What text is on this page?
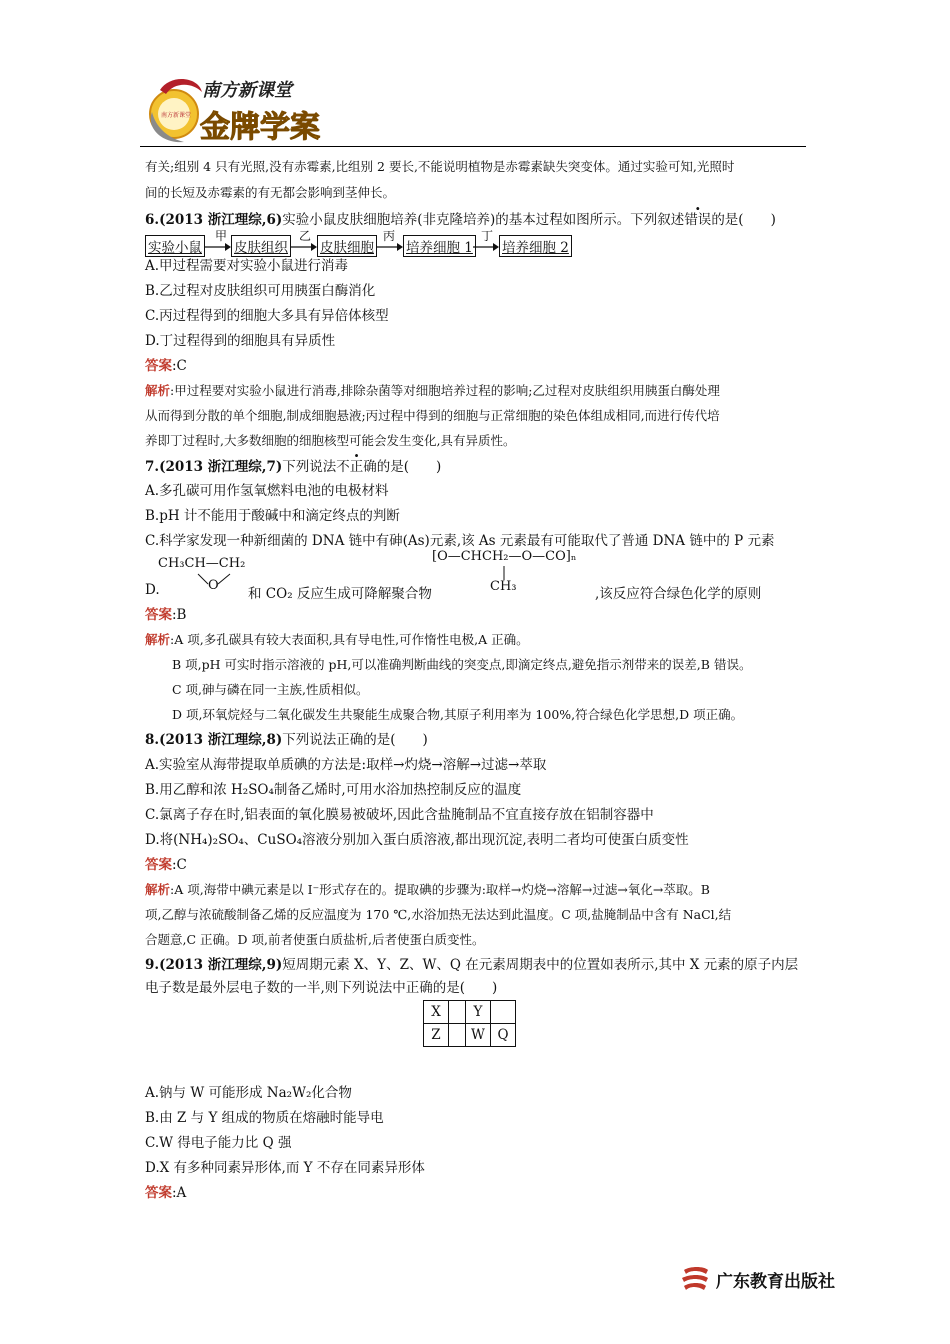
南方新课堂
南方新课堂
金牌学案
有关;组别 4 只有光照,没有赤霉素,比组别 2 要长,不能说明植物是赤霉素缺失突变体。通过实验可知,光照时
间的长短及赤霉素的有无都会影响到茎伸长。
6.(2013 浙江理综,6)实验小鼠皮肤细胞培养(非克隆培养)的基本过程如图所示。下列叙述错误的是(　　)
实验小鼠
甲
皮肤组织
乙
皮肤细胞
丙
培养细胞 1
丁
培养细胞 2
A.甲过程需要对实验小鼠进行消毒
B.乙过程对皮肤组织可用胰蛋白酶消化
C.丙过程得到的细胞大多具有异倍体核型
D.丁过程得到的细胞具有异质性
答案:C
解析:甲过程要对实验小鼠进行消毒,排除杂菌等对细胞培养过程的影响;乙过程对皮肤组织用胰蛋白酶处理
从而得到分散的单个细胞,制成细胞悬液;丙过程中得到的细胞与正常细胞的染色体组成相同,而进行传代培
养即丁过程时,大多数细胞的细胞核型可能会发生变化,具有异质性。
7.(2013 浙江理综,7)下列说法不正确的是(　　)
A.多孔碳可用作氢氧燃料电池的电极材料
B.pH 计不能用于酸碱中和滴定终点的判断
C.科学家发现一种新细菌的 DNA 链中有砷(As)元素,该 As 元素最有可能取代了普通 DNA 链中的 P 元素
D.
CH₃CH—CH₂
O
和 CO₂ 反应生成可降解聚合物
[O—CHCH₂—O—CO]ₙ
CH₃	,该反应符合绿色化学的原则
答案:B
解析:A 项,多孔碳具有较大表面积,具有导电性,可作惰性电极,A 正确。
B 项,pH 可实时指示溶液的 pH,可以准确判断曲线的突变点,即滴定终点,避免指示剂带来的误差,B 错误。
C 项,砷与磷在同一主族,性质相似。
D 项,环氧烷烃与二氧化碳发生共聚能生成聚合物,其原子利用率为 100%,符合绿色化学思想,D 项正确。
8.(2013 浙江理综,8)下列说法正确的是(　　)
A.实验室从海带提取单质碘的方法是:取样→灼烧→溶解→过滤→萃取
B.用乙醇和浓 H₂SO₄制备乙烯时,可用水浴加热控制反应的温度
C.氯离子存在时,铝表面的氧化膜易被破坏,因此含盐腌制品不宜直接存放在铝制容器中
D.将(NH₄)₂SO₄、CuSO₄溶液分别加入蛋白质溶液,都出现沉淀,表明二者均可使蛋白质变性
答案:C
解析:A 项,海带中碘元素是以 I⁻形式存在的。提取碘的步骤为:取样→灼烧→溶解→过滤→氧化→萃取。B
项,乙醇与浓硫酸制备乙烯的反应温度为 170 ℃,水浴加热无法达到此温度。C 项,盐腌制品中含有 NaCl,结
合题意,C 正确。D 项,前者使蛋白质盐析,后者使蛋白质变性。
9.(2013 浙江理综,9)短周期元素 X、Y、Z、W、Q 在元素周期表中的位置如表所示,其中 X 元素的原子内层
电子数是最外层电子数的一半,则下列说法中正确的是(　　)
X		Y	
Z		W	Q
A.钠与 W 可能形成 Na₂W₂化合物
B.由 Z 与 Y 组成的物质在熔融时能导电
C.W 得电子能力比 Q 强
D.X 有多种同素异形体,而 Y 不存在同素异形体
答案:A
广东教育出版社
